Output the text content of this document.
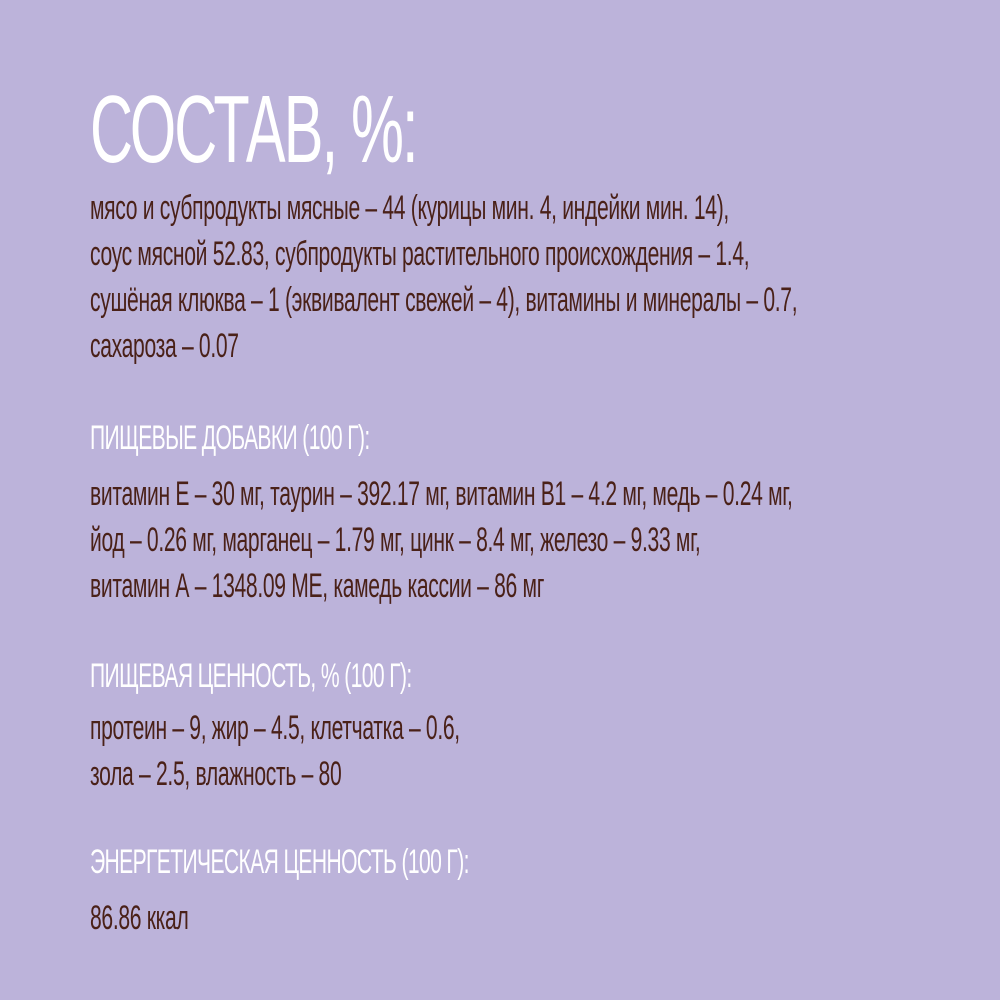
СОСТАВ, %:

мясо и субпродукты мясные – 44 (курицы мин. 4, индейки мин. 14),

соус мясной 52.83, субпродукты растительного происхождения – 1.4,

сушёная клюква – 1 (эквивалент свежей – 4), витамины и минералы – 0.7,

сахароза – 0.07

ПИЩЕВЫЕ ДОБАВКИ (100 Г):

витамин Е – 30 мг, таурин – 392.17 мг, витамин В1 – 4.2 мг, медь – 0.24 мг,

йод – 0.26 мг, марганец – 1.79 мг, цинк – 8.4 мг, железо – 9.33 мг,

витамин А – 1348.09 МЕ, камедь кассии – 86 мг

ПИЩЕВАЯ ЦЕННОСТЬ, % (100 Г):

протеин – 9, жир – 4.5, клетчатка – 0.6,

зола – 2.5, влажность – 80

ЭНЕРГЕТИЧЕСКАЯ ЦЕННОСТЬ (100 Г):

86.86 ккал
